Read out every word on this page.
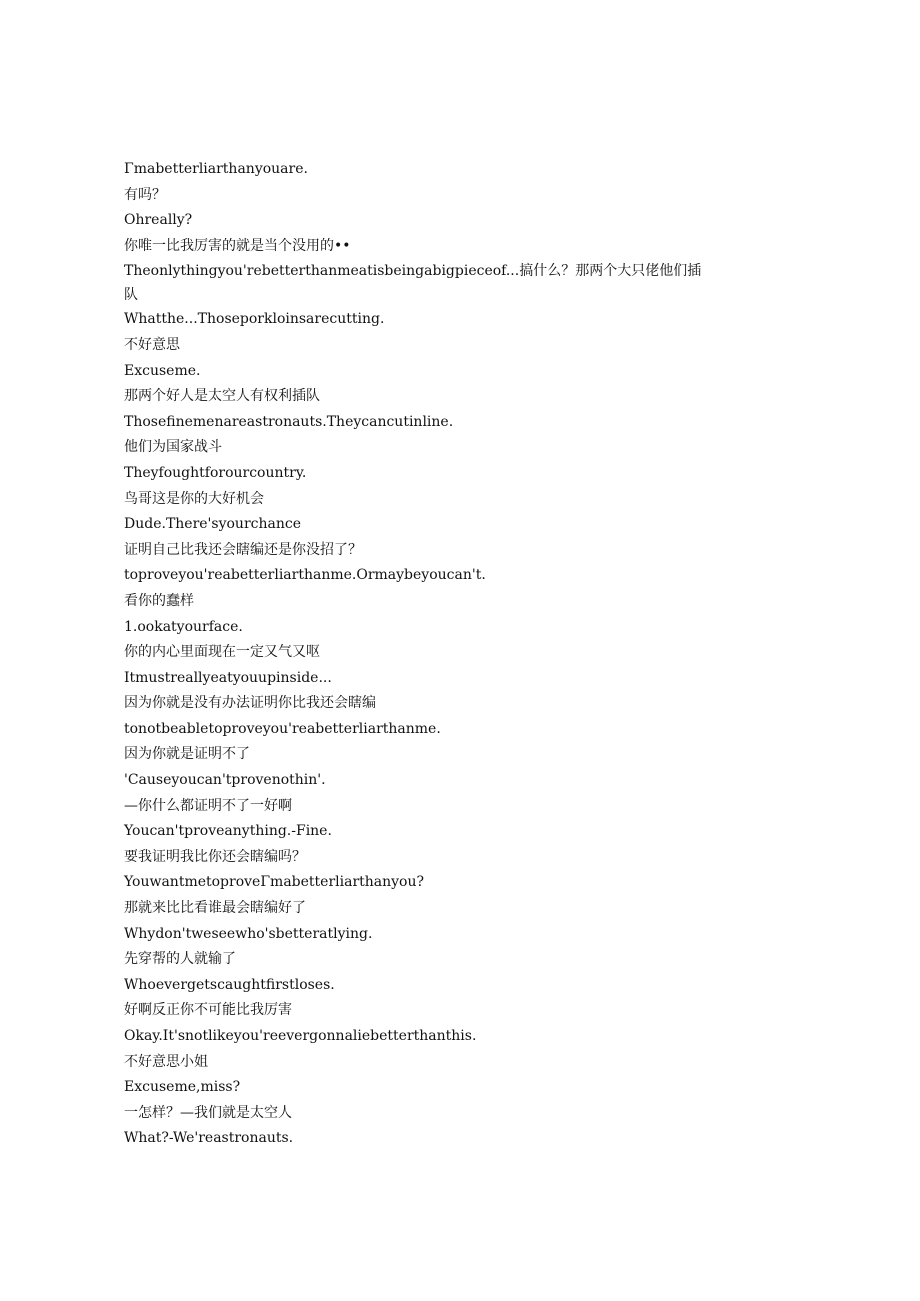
Γmabetterliarthanyouare.
有吗？
Ohreally?
你唯一比我厉害的就是当个没用的••
Theonlythingyou'rebetterthanmeatisbeingabigpieceof...搞什么？那两个大只佬他们插队
Whatthe...Thoseporkloinsarecutting.
不好意思
Excuseme.
那两个好人是太空人有权利插队
Thosefinemenareastronauts.Theycancutinline.
他们为国家战斗
Theyfoughtforourcountry.
鸟哥这是你的大好机会
Dude.There'syourchance
证明自己比我还会瞎编还是你没招了？
toproveyou'reabetterliarthanme.Ormaybeyoucan't.
看你的蠢样
1.ookatyourface.
你的内心里面现在一定又气又呕
Itmustreallyeatyouupinside...
因为你就是没有办法证明你比我还会瞎编
tonotbeabletoproveyou'reabetterliarthanme.
因为你就是证明不了
'Causeyoucan'tprovenothin'.
—你什么都证明不了一好啊
Youcan'tproveanything.-Fine.
要我证明我比你还会瞎编吗？
YouwantmetoproveΓmabetterliarthanyou?
那就来比比看谁最会瞎编好了
Whydon'tweseewho'sbetteratlying.
先穿帮的人就输了
Whoevergetscaughtfirstloses.
好啊反正你不可能比我厉害
Okay.It'snotlikeyou'reevergonnaliebetterthanthis.
不好意思小姐
Excuseme,miss?
一怎样？—我们就是太空人
What?-We'reastronauts.
